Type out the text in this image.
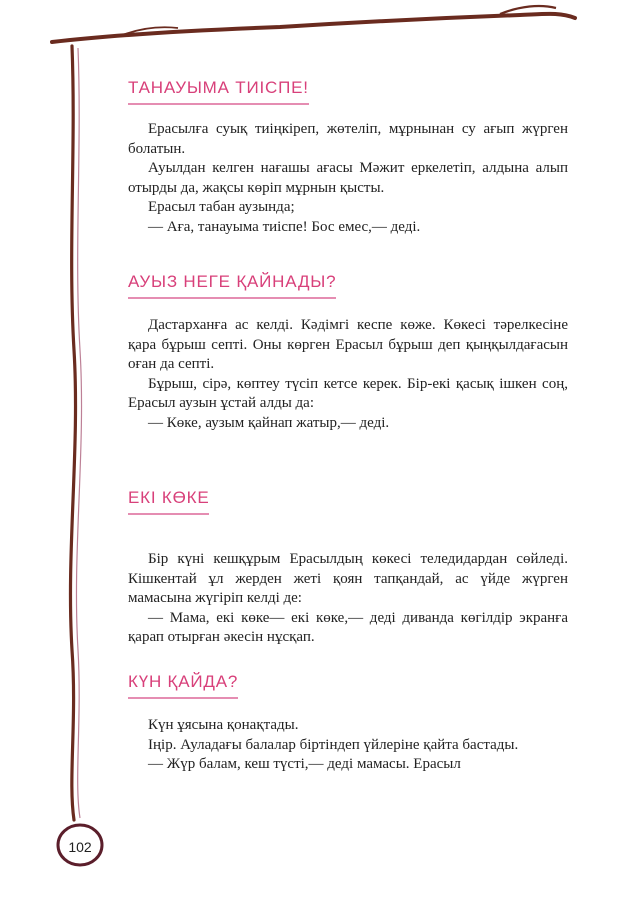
ТАНАУЫМА ТИІСПЕ!

Ерасылға суық тиіңкіреп, жөтеліп, мұрнынан су ағып жүрген болатын.

Ауылдан келген нағашы ағасы Мәжит еркелетіп, алдына алып отырды да, жақсы көріп мұрнын қысты.

Ерасыл табан аузында;

— Аға, танауыма тиіспе! Бос емес,— деді.

АУЫЗ НЕГЕ ҚАЙНАДЫ?

Дастарханға ас келді. Кәдімгі кеспе көже. Көкесі тәрелкесіне қара бұрыш септі. Оны көрген Ерасыл бұрыш деп қыңқылдағасын оған да септі.

Бұрыш, сірә, көптеу түсіп кетсе керек. Бір-екі қасық ішкен соң, Ерасыл аузын ұстай алды да:

— Көке, аузым қайнап жатыр,— деді.

ЕКІ КӨКЕ

Бір күні кешқұрым Ерасылдың көкесі теледидардан сөйледі. Кішкентай ұл жерден жеті қоян тапқандай, ас үйде жүрген мамасына жүгіріп келді де:

— Мама, екі көке— екі көке,— деді диванда көгілдір экранға қарап отырған әкесін нұсқап.

КҮН ҚАЙДА?

Күн ұясына қонақтады.

Іңір. Ауладағы балалар біртіндеп үйлеріне қайта бастады.

— Жүр балам, кеш түсті,— деді мамасы. Ерасыл

102
